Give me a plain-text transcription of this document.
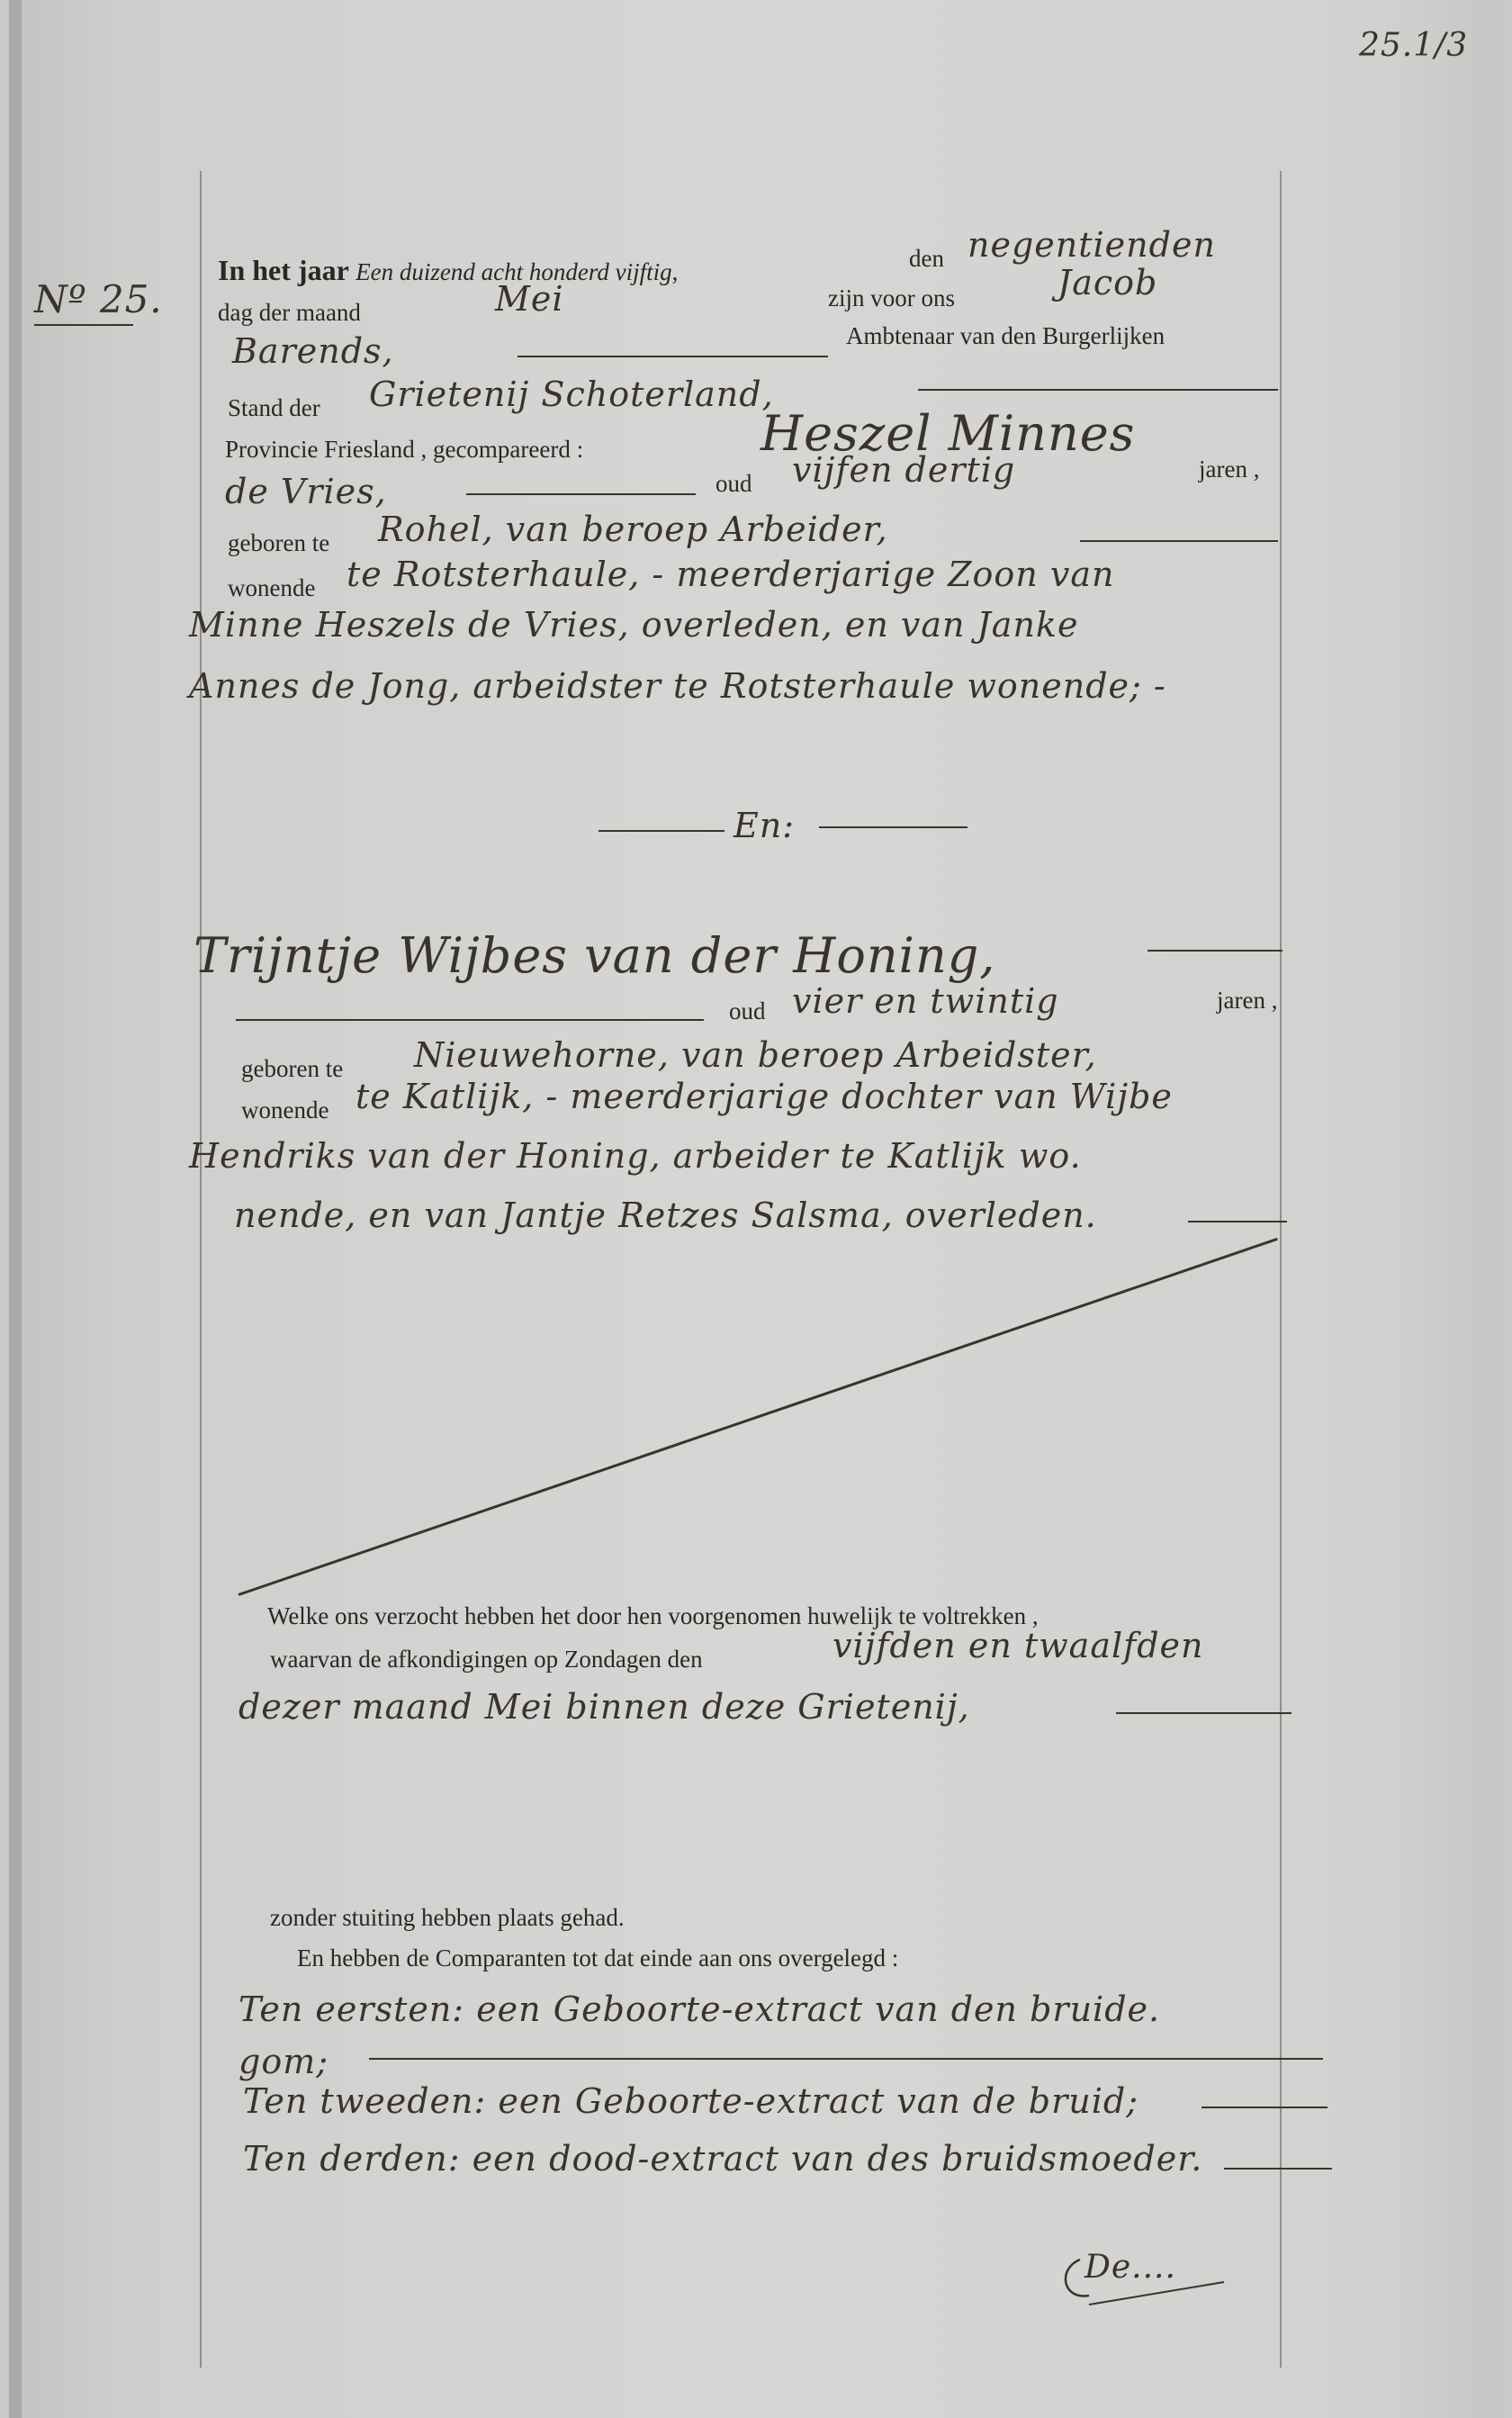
25.1/3
Nº 25.
In het jaar Een duizend acht honderd vijftig,	den negentienden
dag der maand	Mei	zijn voor ons	Jacob
Barends,	Ambtenaar van den Burgerlijken
Stand der Grietenij Schoterland,
Provincie Friesland , gecompareerd :	Heszel Minnes
de Vries,	oud vijfen dertig	jaren ,
geboren te Rohel, van beroep Arbeider,
wonende te Rotsterhaule, - meerderjarige Zoon van
Minne Heszels de Vries, overleden, en van Janke
Annes de Jong, arbeidster te Rotsterhaule wonende; -
En:
Trijntje Wijbes van der Honing,
oud vier en twintig	jaren ,
geboren te Nieuwehorne, van beroep Arbeidster,
wonende te Katlijk, - meerderjarige dochter van Wijbe
Hendriks van der Honing, arbeider te Katlijk wo.
nende, en van Jantje Retzes Salsma, overleden.
Welke ons verzocht hebben het door hen voorgenomen huwelijk te voltrekken ,
waarvan de afkondigingen op Zondagen den	vijfden en twaalfden
dezer maand Mei binnen deze Grietenij,
zonder stuiting hebben plaats gehad.
En hebben de Comparanten tot dat einde aan ons overgelegd :
Ten eersten: een Geboorte-extract van den bruide.
gom;
Ten tweeden: een Geboorte-extract van de bruid;
Ten derden: een dood-extract van des bruidsmoeder.
De....
